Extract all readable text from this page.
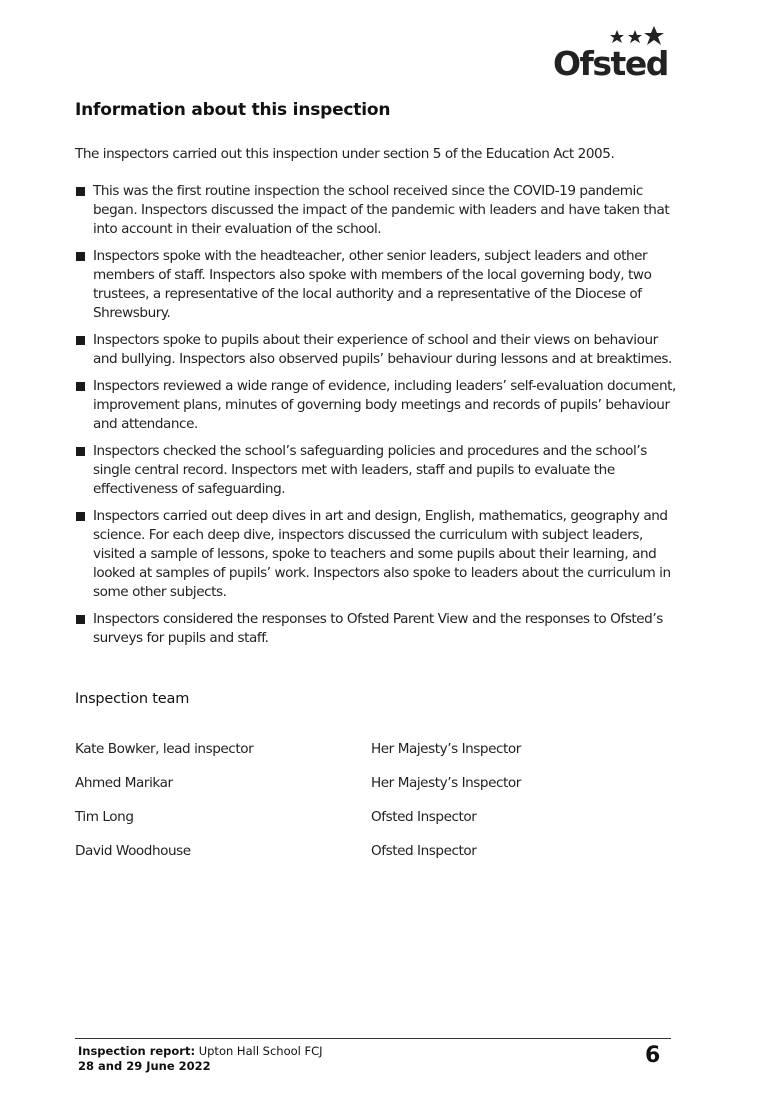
Ofsted
Information about this inspection

The inspectors carried out this inspection under section 5 of the Education Act 2005.

This was the first routine inspection the school received since the COVID-19 pandemic began. Inspectors discussed the impact of the pandemic with leaders and have taken that into account in their evaluation of the school.
Inspectors spoke with the headteacher, other senior leaders, subject leaders and other members of staff. Inspectors also spoke with members of the local governing body, two trustees, a representative of the local authority and a representative of the Diocese of Shrewsbury.
Inspectors spoke to pupils about their experience of school and their views on behaviour and bullying. Inspectors also observed pupils’ behaviour during lessons and at breaktimes.
Inspectors reviewed a wide range of evidence, including leaders’ self-evaluation document, improvement plans, minutes of governing body meetings and records of pupils’ behaviour and attendance.
Inspectors checked the school’s safeguarding policies and procedures and the school’s single central record. Inspectors met with leaders, staff and pupils to evaluate the effectiveness of safeguarding.
Inspectors carried out deep dives in art and design, English, mathematics, geography and science. For each deep dive, inspectors discussed the curriculum with subject leaders, visited a sample of lessons, spoke to teachers and some pupils about their learning, and looked at samples of pupils’ work. Inspectors also spoke to leaders about the curriculum in some other subjects.
Inspectors considered the responses to Ofsted Parent View and the responses to Ofsted’s surveys for pupils and staff.
Inspection team
Kate Bowker, lead inspector	Her Majesty’s Inspector
Ahmed Marikar	Her Majesty’s Inspector
Tim Long	Ofsted Inspector
David Woodhouse	Ofsted Inspector
Inspection report: Upton Hall School FCJ
28 and 29 June 2022	6
